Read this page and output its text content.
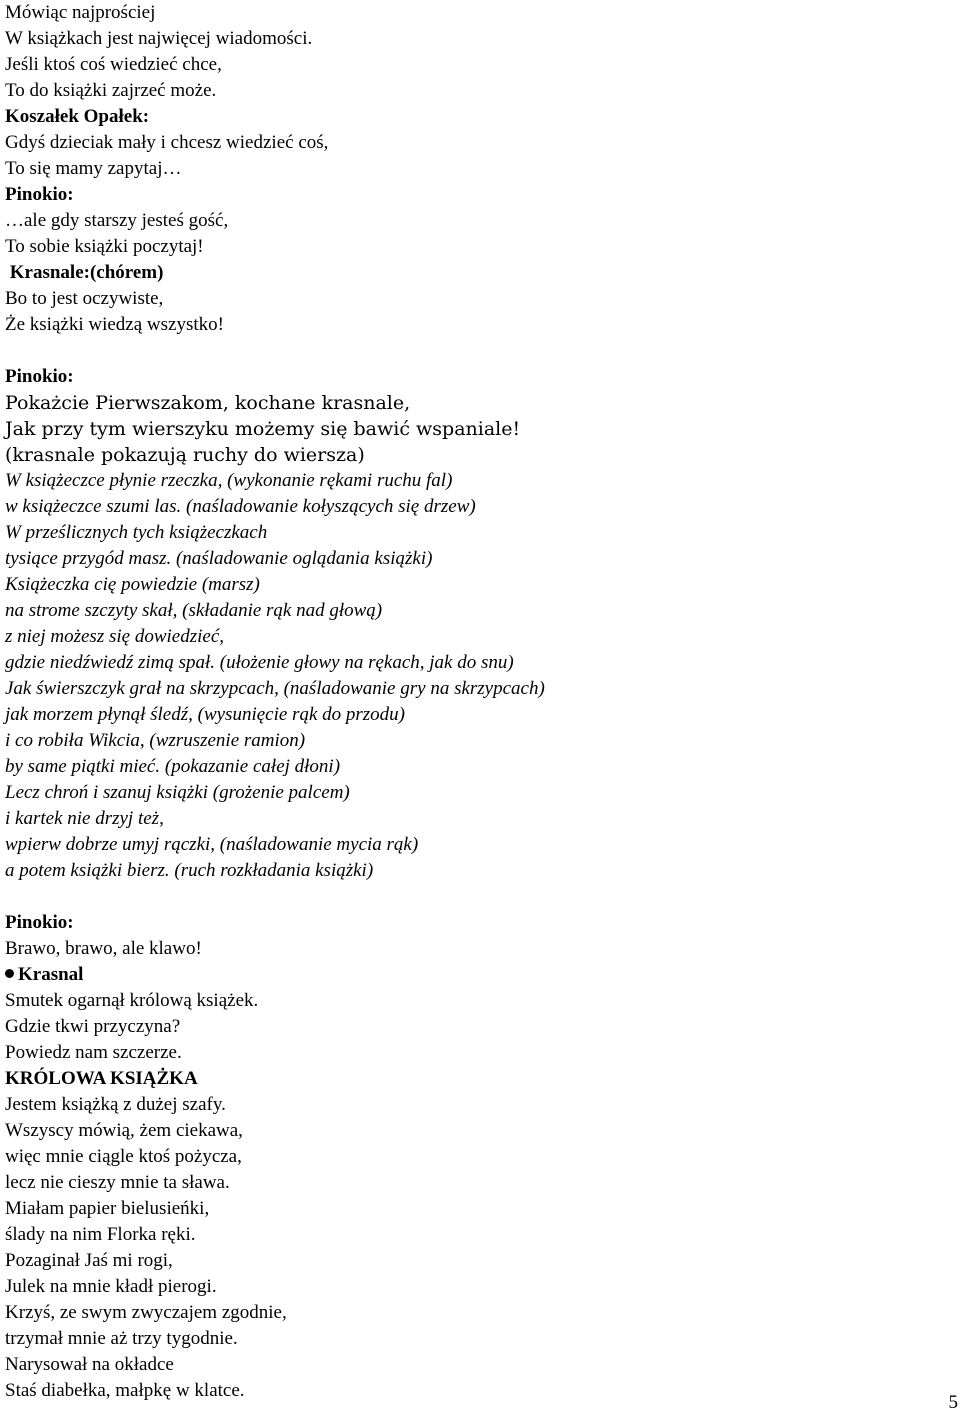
Mówiąc najprościej
W książkach jest najwięcej wiadomości.
Jeśli ktoś coś wiedzieć chce,
To do książki zajrzeć może.
Koszałek Opałek:
Gdyś dzieciak mały i chcesz wiedzieć coś,
To się mamy zapytaj…
Pinokio:
…ale gdy starszy jesteś gość,
To sobie książki poczytaj!
Krasnale:(chórem)
Bo to jest oczywiste,
Że książki wiedzą wszystko!
Pinokio:
Pokażcie Pierwszakom, kochane krasnale,
Jak przy tym wierszyku możemy się bawić wspaniale!
(krasnale pokazują ruchy do wiersza)
W książeczce płynie rzeczka, (wykonanie rękami ruchu fal)
w książeczce szumi las. (naśladowanie kołyszących się drzew)
W prześlicznych tych książeczkach
tysiące przygód masz. (naśladowanie oglądania książki)
Książeczka cię powiedzie (marsz)
na strome szczyty skał, (składanie rąk nad głową)
z niej możesz się dowiedzieć,
gdzie niedźwiedź zimą spał. (ułożenie głowy na rękach, jak do snu)
Jak świerszczyk grał na skrzypcach, (naśladowanie gry na skrzypcach)
jak morzem płynął śledź, (wysunięcie rąk do przodu)
i co robiła Wikcia, (wzruszenie ramion)
by same piątki mieć. (pokazanie całej dłoni)
Lecz chroń i szanuj książki (grożenie palcem)
i kartek nie drzyj też,
wpierw dobrze umyj rączki, (naśladowanie mycia rąk)
a potem książki bierz. (ruch rozkładania książki)
Pinokio:
Brawo, brawo, ale klawo!
Krasnal
Smutek ogarnął królową książek.
Gdzie tkwi przyczyna?
Powiedz nam szczerze.
KRÓLOWA KSIĄŻKA
Jestem książką z dużej szafy.
Wszyscy mówią, żem ciekawa,
więc mnie ciągle ktoś pożycza,
lecz nie cieszy mnie ta sława.
Miałam papier bielusieńki,
ślady na nim Florka ręki.
Pozaginał Jaś mi rogi,
Julek na mnie kładł pierogi.
Krzyś, ze swym zwyczajem zgodnie,
trzymał mnie aż trzy tygodnie.
Narysował na okładce
Staś diabełka, małpkę w klatce.
5
